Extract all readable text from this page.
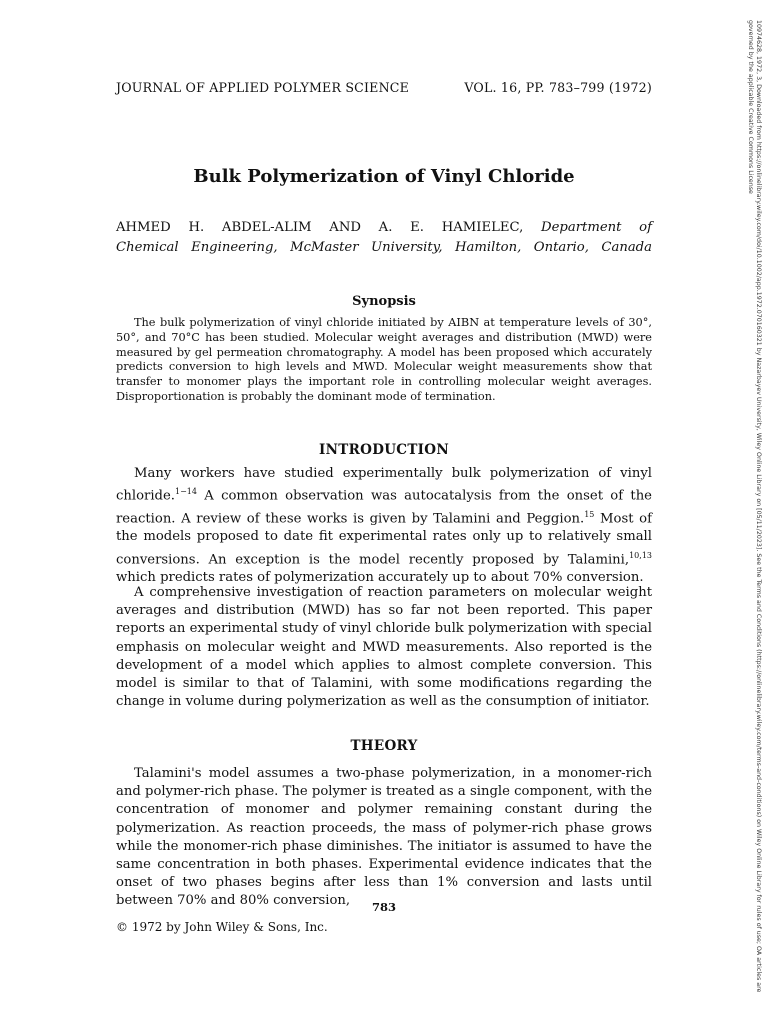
JOURNAL OF APPLIED POLYMER SCIENCE	VOL. 16, PP. 783–799 (1972)
Bulk Polymerization of Vinyl Chloride
AHMED H. ABDEL-ALIM AND A. E. HAMIELEC, Department of
Chemical Engineering, McMaster University, Hamilton, Ontario, Canada
Synopsis

The bulk polymerization of vinyl chloride initiated by AIBN at temperature levels of 30°, 50°, and 70°C has been studied. Molecular weight averages and distribution (MWD) were measured by gel permeation chromatography. A model has been proposed which accurately predicts conversion to high levels and MWD. Molecular weight measurements show that transfer to monomer plays the important role in controlling molecular weight averages. Disproportionation is probably the dominant mode of termination.

INTRODUCTION

Many workers have studied experimentally bulk polymerization of vinyl chloride.$^{1-14}$ A common observation was autocatalysis from the onset of the reaction. A review of these works is given by Talamini and Peggion.$^{15}$ Most of the models proposed to date fit experimental rates only up to relatively small conversions. An exception is the model recently proposed by Talamini,$^{10,13}$ which predicts rates of polymerization accurately up to about 70% conversion.

A comprehensive investigation of reaction parameters on molecular weight averages and distribution (MWD) has so far not been reported. This paper reports an experimental study of vinyl chloride bulk polymerization with special emphasis on molecular weight and MWD measurements. Also reported is the development of a model which applies to almost complete conversion. This model is similar to that of Talamini, with some modifications regarding the change in volume during polymerization as well as the consumption of initiator.

THEORY

Talamini's model assumes a two-phase polymerization, in a monomer-rich and polymer-rich phase. The polymer is treated as a single component, with the concentration of monomer and polymer remaining constant during the polymerization. As reaction proceeds, the mass of polymer-rich phase grows while the monomer-rich phase diminishes. The initiator is assumed to have the same concentration in both phases. Experimental evidence indicates that the onset of two phases begins after less than 1% conversion and lasts until between 70% and 80% conversion,	783
© 1972 by John Wiley & Sons, Inc.	10974628, 1972, 3, Downloaded from https://onlinelibrary.wiley.com/doi/10.1002/app.1972.070160321 by Nazarbayev University, Wiley Online Library on [05/11/2023]. See the Terms and Conditions (https://onlinelibrary.wiley.com/terms-and-conditions) on Wiley Online Library for rules of use; OA articles are governed by the applicable Creative Commons License
